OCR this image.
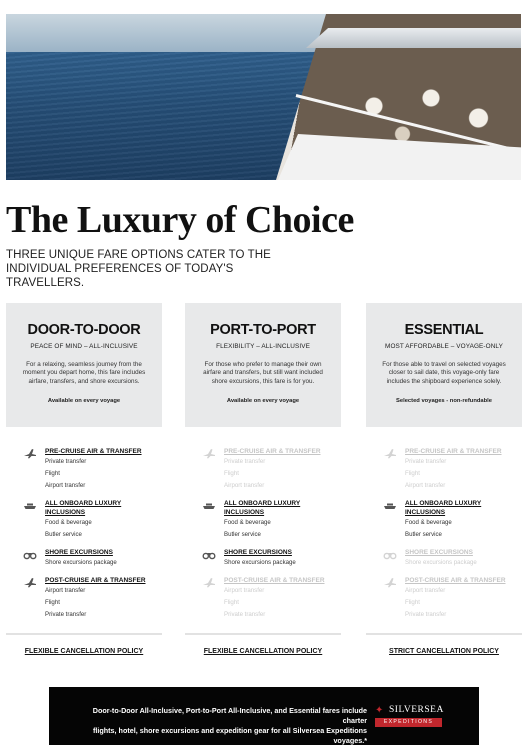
The Luxury of Choice

THREE UNIQUE FARE OPTIONS CATER TO THE INDIVIDUAL PREFERENCES OF TODAY'S TRAVELLERS.

DOOR-TO-DOOR
PEACE OF MIND – ALL-INCLUSIVE
For a relaxing, seamless journey from the moment you depart home, this fare includes airfare, transfers, and shore excursions.
Available on every voyage
PRE-CRUISE AIR & TRANSFER
Private transfer
Flight
Airport transfer
ALL ONBOARD LUXURY INCLUSIONS
Food & beverage
Butler service
SHORE EXCURSIONS
Shore excursions package
POST-CRUISE AIR & TRANSFER
Airport transfer
Flight
Private transfer
PORT-TO-PORT
FLEXIBILITY – ALL-INCLUSIVE
For those who prefer to manage their own airfare and transfers, but still want included shore excursions, this fare is for you.
Available on every voyage
PRE-CRUISE AIR & TRANSFER
Private transfer
Flight
Airport transfer
ALL ONBOARD LUXURY INCLUSIONS
Food & beverage
Butler service
SHORE EXCURSIONS
Shore excursions package
POST-CRUISE AIR & TRANSFER
Airport transfer
Flight
Private transfer
ESSENTIAL
MOST AFFORDABLE – VOYAGE-ONLY
For those able to travel on selected voyages closer to sail date, this voyage-only fare includes the shipboard experience solely.
Selected voyages - non-refundable
PRE-CRUISE AIR & TRANSFER
Private transfer
Flight
Airport transfer
ALL ONBOARD LUXURY INCLUSIONS
Food & beverage
Butler service
SHORE EXCURSIONS
Shore excursions package
POST-CRUISE AIR & TRANSFER
Airport transfer
Flight
Private transfer
FLEXIBLE CANCELLATION POLICY	FLEXIBLE CANCELLATION POLICY	STRICT CANCELLATION POLICY
Door-to-Door All-Inclusive, Port-to-Port All-Inclusive, and Essential fares include charter
flights, hotel, shore excursions and expedition gear for all Silversea Expeditions voyages.*
✦ SILVERSEA
EXPEDITIONS
